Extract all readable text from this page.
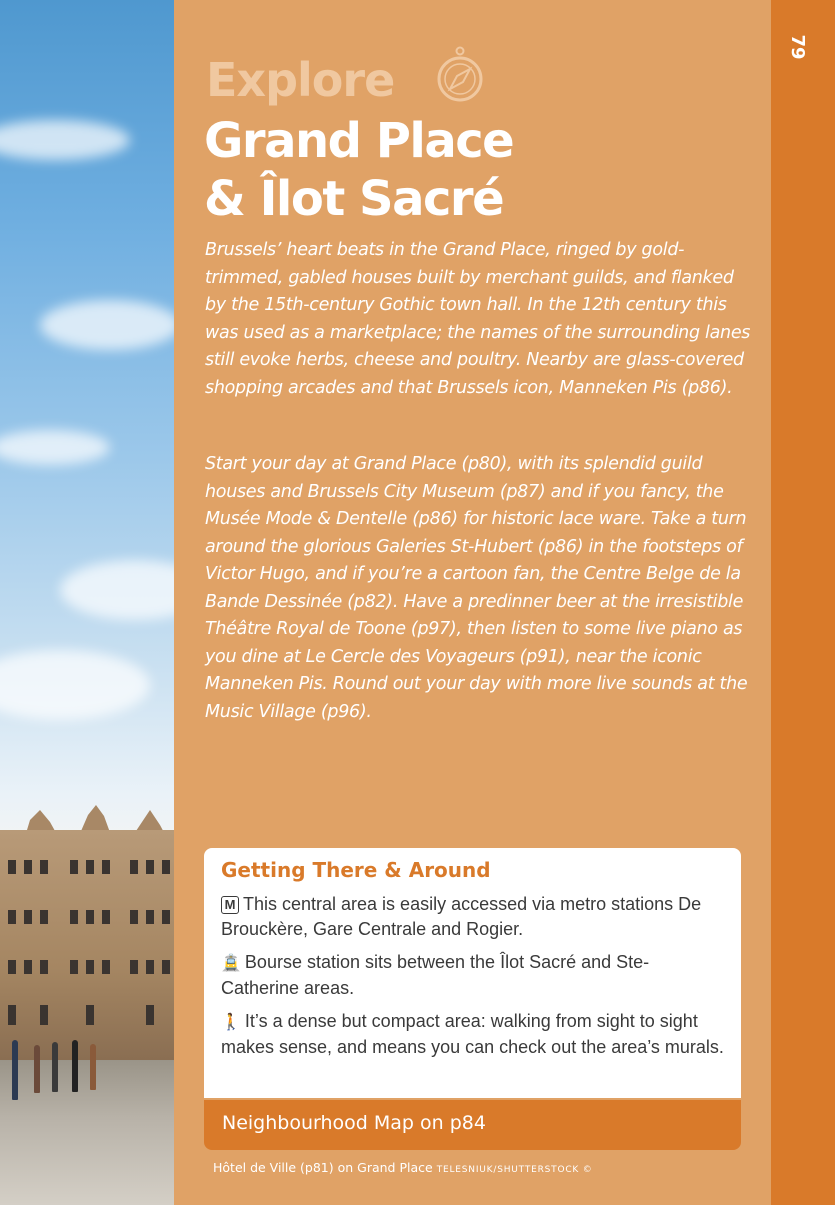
79
Explore
Grand Place
& Îlot Sacré
Brussels’ heart beats in the Grand Place, ringed by gold-trimmed, gabled houses built by merchant guilds, and flanked by the 15th-century Gothic town hall. In the 12th century this was used as a marketplace; the names of the surrounding lanes still evoke herbs, cheese and poultry. Nearby are glass-covered shopping arcades and that Brussels icon, Manneken Pis (p86).
Start your day at Grand Place (p80), with its splendid guild houses and Brussels City Museum (p87) and if you fancy, the Musée Mode & Dentelle (p86) for historic lace ware. Take a turn around the glorious Galeries St-Hubert (p86) in the footsteps of Victor Hugo, and if you’re a cartoon fan, the Centre Belge de la Bande Dessinée (p82). Have a predinner beer at the irresistible Théâtre Royal de Toone (p97), then listen to some live piano as you dine at Le Cercle des Voyageurs (p91), near the iconic Manneken Pis. Round out your day with more live sounds at the Music Village (p96).
Getting There & Around
M This central area is easily accessed via metro stations De Brouckère, Gare Centrale and Rogier.
🚊 Bourse station sits between the Îlot Sacré and Ste-Catherine areas.
🚶 It’s a dense but compact area: walking from sight to sight makes sense, and means you can check out the area’s murals.
Neighbourhood Map on p84
Hôtel de Ville (p81) on Grand Place TELESNIUK/SHUTTERSTOCK ©
